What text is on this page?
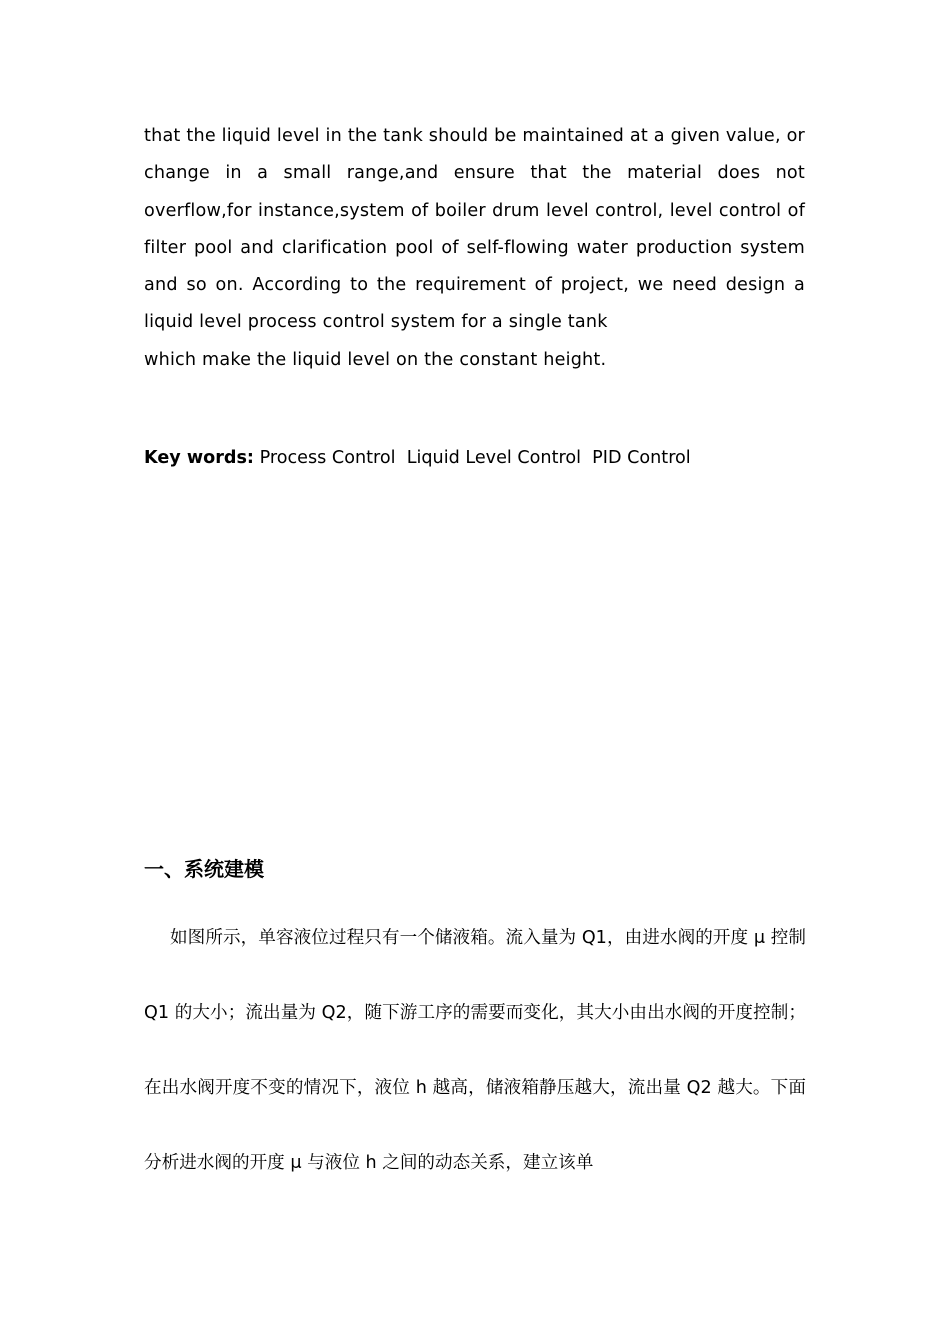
that the liquid level in the tank should be maintained at a given value, or change in a small range,and ensure that the material does not overflow,for instance,system of boiler drum level control, level control of filter pool and clarification pool of self-flowing water production system and so on. According to the requirement of project, we need design a liquid level process control system for a single tank

which make the liquid level on the constant height.

Key words: Process Control  Liquid Level Control  PID Control
一、系统建模

如图所示，单容液位过程只有一个储液箱。流入量为 Q1，由进水阀的开度 μ 控制 Q1 的大小；流出量为 Q2，随下游工序的需要而变化，其大小由出水阀的开度控制；在出水阀开度不变的情况下，液位 h 越高，储液箱静压越大，流出量 Q2 越大。下面分析进水阀的开度 μ 与液位 h 之间的动态关系，建立该单
